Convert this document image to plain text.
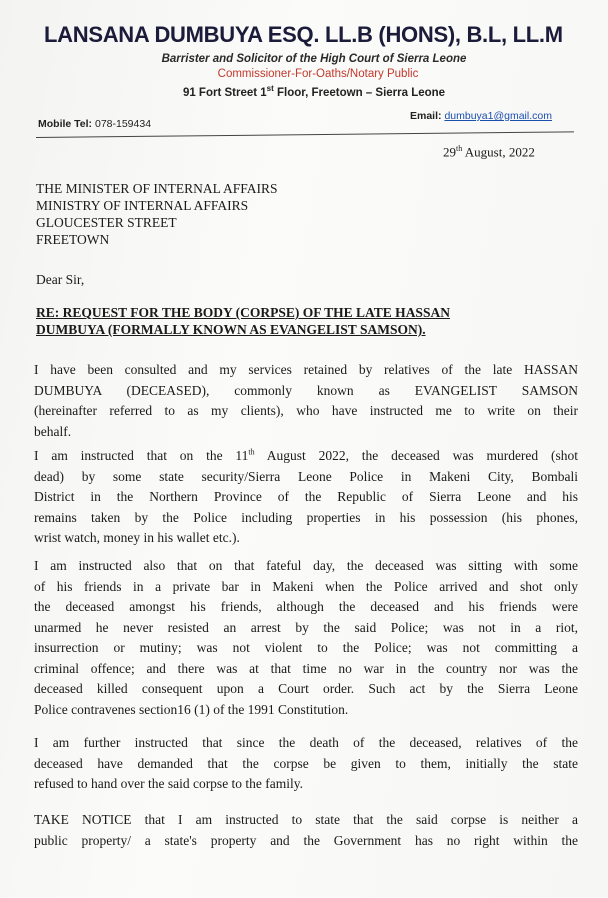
LANSANA DUMBUYA ESQ. LL.B (HONS), B.L, LL.M
Barrister and Solicitor of the High Court of Sierra Leone
Commissioner-For-Oaths/Notary Public
91 Fort Street 1st Floor, Freetown – Sierra Leone
Mobile Tel: 078-159434
Email: dumbuya1@gmail.com
29th August, 2022
THE MINISTER OF INTERNAL AFFAIRS
MINISTRY OF INTERNAL AFFAIRS
GLOUCESTER STREET
FREETOWN
Dear Sir,
RE: REQUEST FOR THE BODY (CORPSE) OF THE LATE HASSAN
DUMBUYA (FORMALLY KNOWN AS EVANGELIST SAMSON).
I have been consulted and my services retained by relatives of the late HASSAN
DUMBUYA (DECEASED), commonly known as EVANGELIST SAMSON
(hereinafter referred to as my clients), who have instructed me to write on their
behalf.
I am instructed that on the 11th August 2022, the deceased was murdered (shot
dead) by some state security/Sierra Leone Police in Makeni City, Bombali
District in the Northern Province of the Republic of Sierra Leone and his
remains taken by the Police including properties in his possession (his phones,
wrist watch, money in his wallet etc.).
I am instructed also that on that fateful day, the deceased was sitting with some
of his friends in a private bar in Makeni when the Police arrived and shot only
the deceased amongst his friends, although the deceased and his friends were
unarmed he never resisted an arrest by the said Police; was not in a riot,
insurrection or mutiny; was not violent to the Police; was not committing a
criminal offence; and there was at that time no war in the country nor was the
deceased killed consequent upon a Court order. Such act by the Sierra Leone
Police contravenes section16 (1) of the 1991 Constitution.
I am further instructed that since the death of the deceased, relatives of the
deceased have demanded that the corpse be given to them, initially the state
refused to hand over the said corpse to the family.
TAKE NOTICE that I am instructed to state that the said corpse is neither a
public property/ a state's property and the Government has no right within the
